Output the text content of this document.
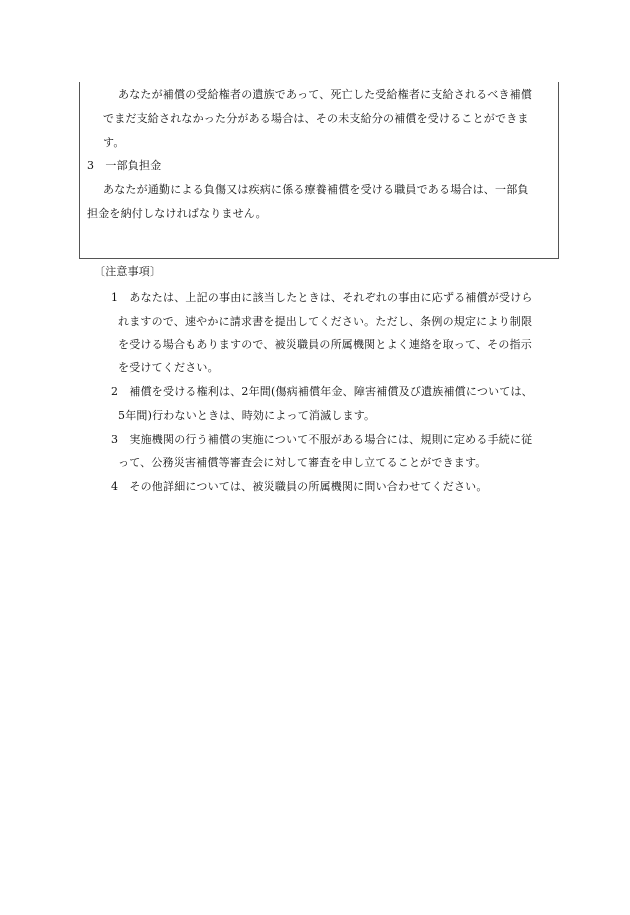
あなたが補償の受給権者の遺族であって、死亡した受給権者に支給されるべき補償
でまだ支給されなかった分がある場合は、その未支給分の補償を受けることができま
す。
3　一部負担金
あなたが通勤による負傷又は疾病に係る療養補償を受ける職員である場合は、一部負
担金を納付しなければなりません。
〔注意事項〕
1　あなたは、上記の事由に該当したときは、それぞれの事由に応ずる補償が受けら
れますので、速やかに請求書を提出してください。ただし、条例の規定により制限
を受ける場合もありますので、被災職員の所属機関とよく連絡を取って、その指示
を受けてください。
2　補償を受ける権利は、2年間(傷病補償年金、障害補償及び遺族補償については、
5年間)行わないときは、時効によって消滅します。
3　実施機関の行う補償の実施について不服がある場合には、規則に定める手続に従
って、公務災害補償等審査会に対して審査を申し立てることができます。
4　その他詳細については、被災職員の所属機関に問い合わせてください。
